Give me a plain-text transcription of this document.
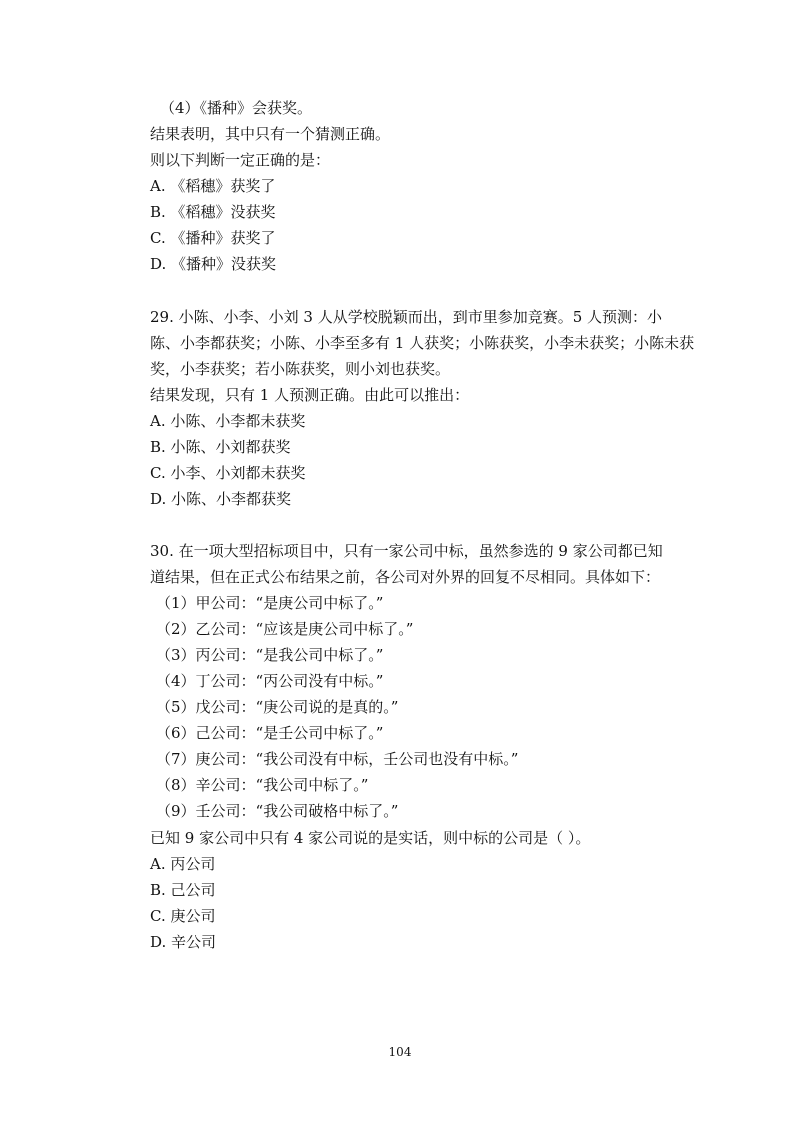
（4）《播种》会获奖。

结果表明，其中只有一个猜测正确。

则以下判断一定正确的是：

A. 《稻穗》获奖了

B. 《稻穗》没获奖

C. 《播种》获奖了

D. 《播种》没获奖

29. 小陈、小李、小刘 3 人从学校脱颖而出，到市里参加竞赛。5 人预测：小

陈、小李都获奖；小陈、小李至多有 1 人获奖；小陈获奖，小李未获奖；小陈未获

奖，小李获奖；若小陈获奖，则小刘也获奖。

结果发现，只有 1 人预测正确。由此可以推出：

A. 小陈、小李都未获奖

B. 小陈、小刘都获奖

C. 小李、小刘都未获奖

D. 小陈、小李都获奖

30. 在一项大型招标项目中，只有一家公司中标，虽然参选的 9 家公司都已知

道结果，但在正式公布结果之前，各公司对外界的回复不尽相同。具体如下：

（1）甲公司：“是庚公司中标了。”

（2）乙公司：“应该是庚公司中标了。”

（3）丙公司：“是我公司中标了。”

（4）丁公司：“丙公司没有中标。”

（5）戊公司：“庚公司说的是真的。”

（6）己公司：“是壬公司中标了。”

（7）庚公司：“我公司没有中标，壬公司也没有中标。”

（8）辛公司：“我公司中标了。”

（9）壬公司：“我公司破格中标了。”

已知 9 家公司中只有 4 家公司说的是实话，则中标的公司是（ ）。

A. 丙公司

B. 己公司

C. 庚公司

D. 辛公司

104
